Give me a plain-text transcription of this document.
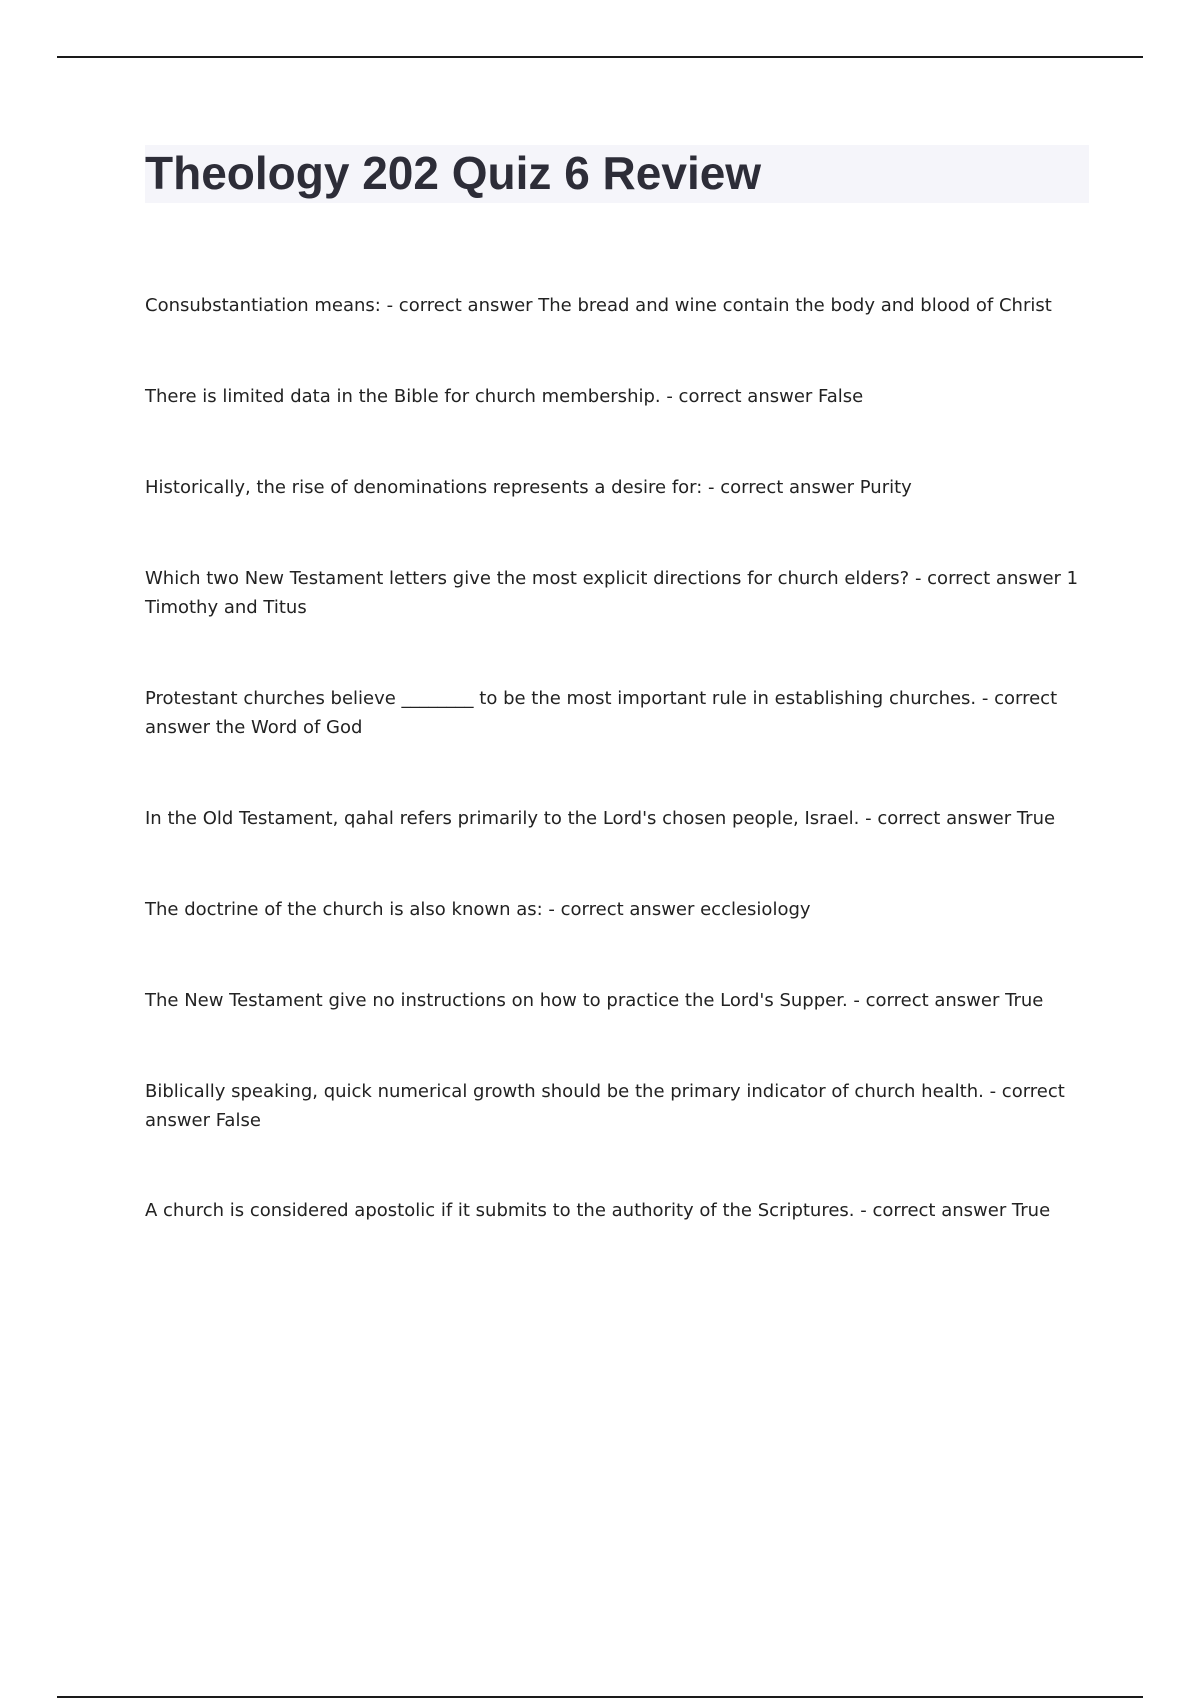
Theology 202 Quiz 6 Review

Consubstantiation means: - correct answer The bread and wine contain the body and blood of Christ

There is limited data in the Bible for church membership. - correct answer False

Historically, the rise of denominations represents a desire for: - correct answer Purity

Which two New Testament letters give the most explicit directions for church elders? - correct answer 1 Timothy and Titus

Protestant churches believe ________ to be the most important rule in establishing churches. - correct answer the Word of God

In the Old Testament, qahal refers primarily to the Lord's chosen people, Israel. - correct answer True

The doctrine of the church is also known as: - correct answer ecclesiology

The New Testament give no instructions on how to practice the Lord's Supper. - correct answer True

Biblically speaking, quick numerical growth should be the primary indicator of church health. - correct answer False

A church is considered apostolic if it submits to the authority of the Scriptures. - correct answer True
